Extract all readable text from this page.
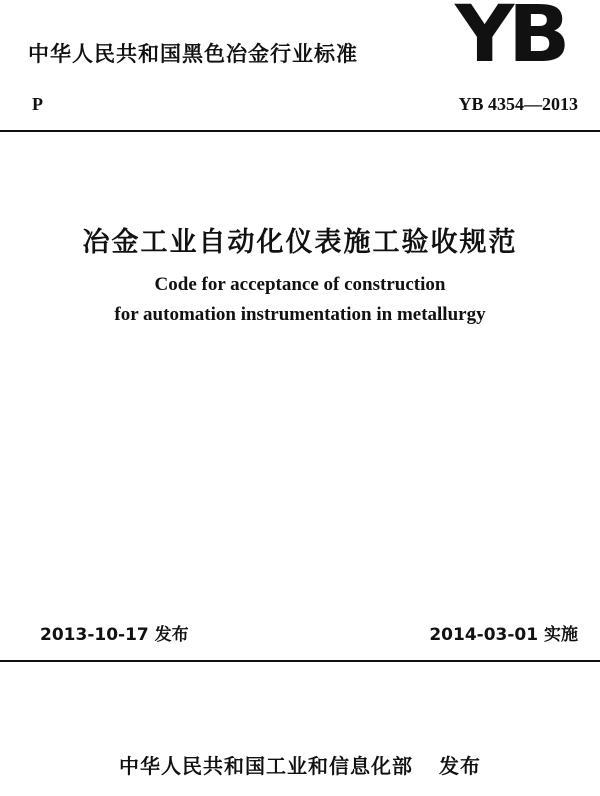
中华人民共和国黑色冶金行业标准 YB
P	YB 4354—2013
冶金工业自动化仪表施工验收规范
Code for acceptance of construction
for automation instrumentation in metallurgy
2013-10-17 发布	2014-03-01 实施
中华人民共和国工业和信息化部 发布
